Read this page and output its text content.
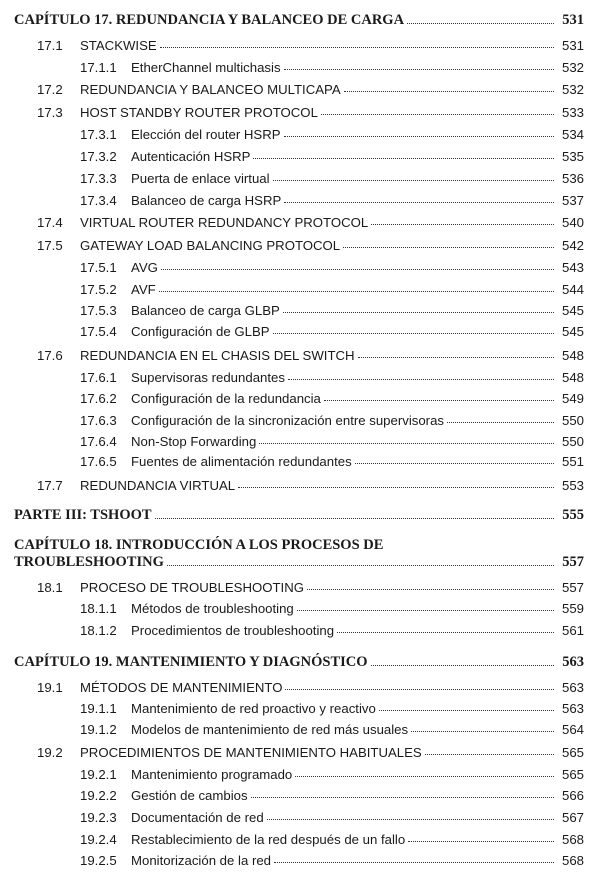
CAPÍTULO 17. REDUNDANCIA Y BALANCEO DE CARGA	531
17.1 STACKWISE	531
17.1.1 EtherChannel multichasis	532
17.2 REDUNDANCIA Y BALANCEO MULTICAPA	532
17.3 HOST STANDBY ROUTER PROTOCOL	533
17.3.1 Elección del router HSRP	534
17.3.2 Autenticación HSRP	535
17.3.3 Puerta de enlace virtual	536
17.3.4 Balanceo de carga HSRP	537
17.4 VIRTUAL ROUTER REDUNDANCY PROTOCOL	540
17.5 GATEWAY LOAD BALANCING PROTOCOL	542
17.5.1 AVG	543
17.5.2 AVF	544
17.5.3 Balanceo de carga GLBP	545
17.5.4 Configuración de GLBP	545
17.6 REDUNDANCIA EN EL CHASIS DEL SWITCH	548
17.6.1 Supervisoras redundantes	548
17.6.2 Configuración de la redundancia	549
17.6.3 Configuración de la sincronización entre supervisoras	550
17.6.4 Non-Stop Forwarding	550
17.6.5 Fuentes de alimentación redundantes	551
17.7 REDUNDANCIA VIRTUAL	553
PARTE III: TSHOOT	555
CAPÍTULO 18. INTRODUCCIÓN A LOS PROCESOS DE
TROUBLESHOOTING	557
18.1 PROCESO DE TROUBLESHOOTING	557
18.1.1 Métodos de troubleshooting	559
18.1.2 Procedimientos de troubleshooting	561
CAPÍTULO 19. MANTENIMIENTO Y DIAGNÓSTICO	563
19.1 MÉTODOS DE MANTENIMIENTO	563
19.1.1 Mantenimiento de red proactivo y reactivo	563
19.1.2 Modelos de mantenimiento de red más usuales	564
19.2 PROCEDIMIENTOS DE MANTENIMIENTO HABITUALES	565
19.2.1 Mantenimiento programado	565
19.2.2 Gestión de cambios	566
19.2.3 Documentación de red	567
19.2.4 Restablecimiento de la red después de un fallo	568
19.2.5 Monitorización de la red	568
